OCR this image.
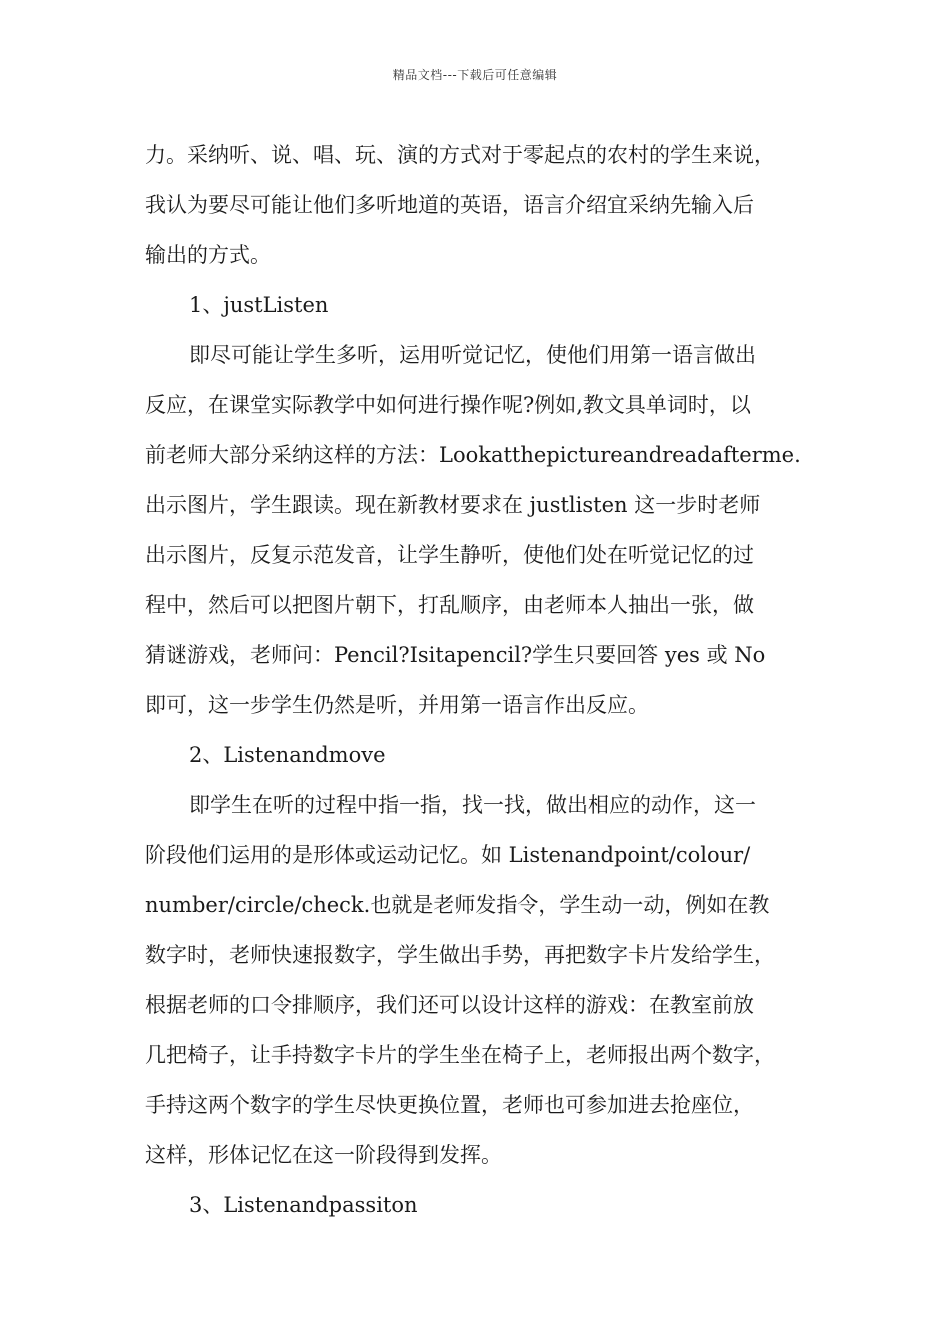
精品文档---下载后可任意编辑
力。采纳听、说、唱、玩、演的方式对于零起点的农村的学生来说，
我认为要尽可能让他们多听地道的英语，语言介绍宜采纳先输入后
输出的方式。
1、justListen
即尽可能让学生多听，运用听觉记忆，使他们用第一语言做出
反应，在课堂实际教学中如何进行操作呢?例如,教文具单词时，以
前老师大部分采纳这样的方法：Lookatthepictureandreadafterme.
出示图片，学生跟读。现在新教材要求在 justlisten 这一步时老师
出示图片，反复示范发音，让学生静听，使他们处在听觉记忆的过
程中，然后可以把图片朝下，打乱顺序，由老师本人抽出一张，做
猜谜游戏，老师问：Pencil?Isitapencil?学生只要回答 yes 或 No
即可，这一步学生仍然是听，并用第一语言作出反应。
2、Listenandmove
即学生在听的过程中指一指，找一找，做出相应的动作，这一
阶段他们运用的是形体或运动记忆。如 Listenandpoint/colour/
number/circle/check.也就是老师发指令，学生动一动，例如在教
数字时，老师快速报数字，学生做出手势，再把数字卡片发给学生，
根据老师的口令排顺序，我们还可以设计这样的游戏：在教室前放
几把椅子，让手持数字卡片的学生坐在椅子上，老师报出两个数字，
手持这两个数字的学生尽快更换位置，老师也可参加进去抢座位，
这样，形体记忆在这一阶段得到发挥。
3、Listenandpassiton
